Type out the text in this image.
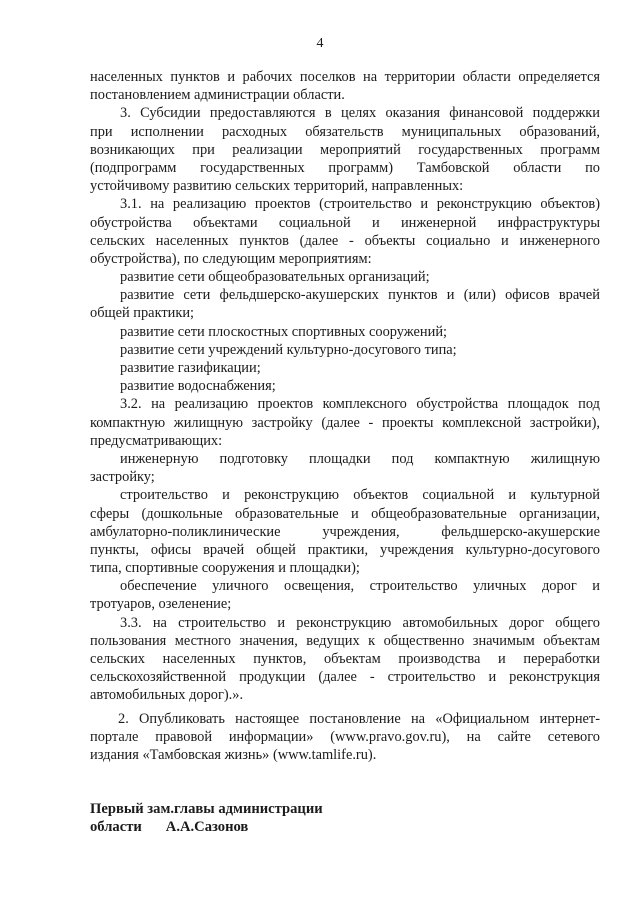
4
населенных пунктов и рабочих поселков на территории области определяется
постановлением администрации области.
3. Субсидии предоставляются в целях оказания финансовой поддержки
при исполнении расходных обязательств муниципальных образований,
возникающих при реализации мероприятий государственных программ
(подпрограмм государственных программ) Тамбовской области по
устойчивому развитию сельских территорий, направленных:
3.1. на реализацию проектов (строительство и реконструкцию объектов)
обустройства объектами социальной и инженерной инфраструктуры
сельских населенных пунктов (далее - объекты социально и инженерного
обустройства), по следующим мероприятиям:
развитие сети общеобразовательных организаций;
развитие сети фельдшерско-акушерских пунктов и (или) офисов врачей
общей практики;
развитие сети плоскостных спортивных сооружений;
развитие сети учреждений культурно-досугового типа;
развитие газификации;
развитие водоснабжения;
3.2. на реализацию проектов комплексного обустройства площадок под
компактную жилищную застройку (далее - проекты комплексной застройки),
предусматривающих:
инженерную подготовку площадки под компактную жилищную
застройку;
строительство и реконструкцию объектов социальной и культурной
сферы (дошкольные образовательные и общеобразовательные организации,
амбулаторно-поликлинические учреждения, фельдшерско-акушерские
пункты, офисы врачей общей практики, учреждения культурно-досугового
типа, спортивные сооружения и площадки);
обеспечение уличного освещения, строительство уличных дорог и
тротуаров, озеленение;
3.3. на строительство и реконструкцию автомобильных дорог общего
пользования местного значения, ведущих к общественно значимым объектам
сельских населенных пунктов, объектам производства и переработки
сельскохозяйственной продукции (далее - строительство и реконструкция
автомобильных дорог).».
2. Опубликовать настоящее постановление на «Официальном интернет-
портале правовой информации» (www.pravo.gov.ru), на сайте сетевого
издания «Тамбовская жизнь» (www.tamlife.ru).
Первый зам.главы администрации
области А.А.Сазонов
